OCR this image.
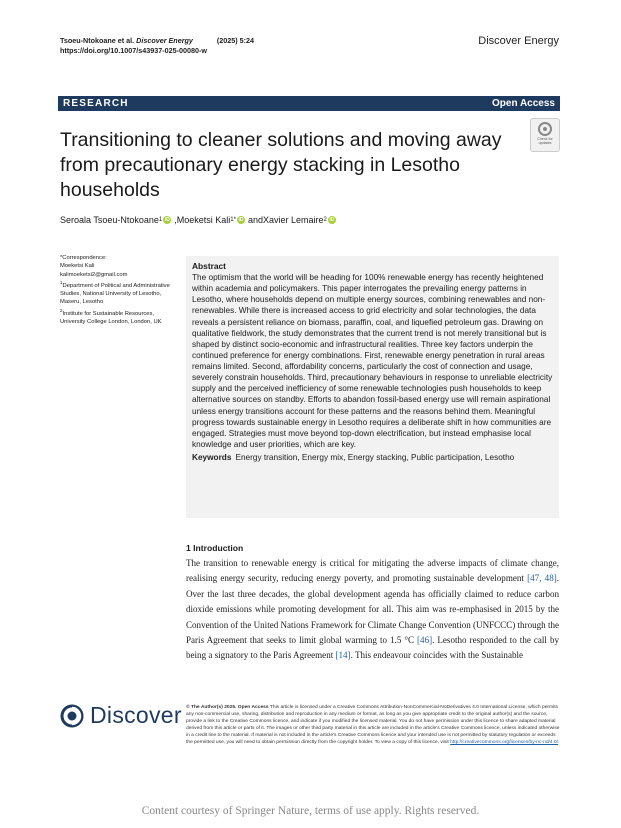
Tsoeu-Ntokoane et al. Discover Energy	(2025) 5:24
https://doi.org/10.1007/s43937-025-00080-w
Discover Energy
RESEARCH	Open Access
Transitioning to cleaner solutions and moving away from precautionary energy stacking in Lesotho households
Check for updates
Seroala Tsoeu-Ntokoane 1 iD , Moeketsi Kali 1* iD and Xavier Lemaire 2 iD
*Correspondence:
Moeketsi Kali
kalimoeketsi2@gmail.com
$^1$Department of Political and Administrative Studies, National University of Lesotho, Maseru, Lesotho
$^2$Institute for Sustainable Resources, University College London, London, UK
Abstract
The optimism that the world will be heading for 100% renewable energy has recently heightened within academia and policymakers. This paper interrogates the prevailing energy patterns in Lesotho, where households depend on multiple energy sources, combining renewables and non-renewables. While there is increased access to grid electricity and solar technologies, the data reveals a persistent reliance on biomass, paraffin, coal, and liquefied petroleum gas. Drawing on qualitative fieldwork, the study demonstrates that the current trend is not merely transitional but is shaped by distinct socio-economic and infrastructural realities. Three key factors underpin the continued preference for energy combinations. First, renewable energy penetration in rural areas remains limited. Second, affordability concerns, particularly the cost of connection and usage, severely constrain households. Third, precautionary behaviours in response to unreliable electricity supply and the perceived inefficiency of some renewable technologies push households to keep alternative sources on standby. Efforts to abandon fossil-based energy use will remain aspirational unless energy transitions account for these patterns and the reasons behind them. Meaningful progress towards sustainable energy in Lesotho requires a deliberate shift in how communities are engaged. Strategies must move beyond top-down electrification, but instead emphasise local knowledge and user priorities, which are key.
Keywords Energy transition, Energy mix, Energy stacking, Public participation, Lesotho
1 Introduction
The transition to renewable energy is critical for mitigating the adverse impacts of climate change, realising energy security, reducing energy poverty, and promoting sustainable development [47, 48]. Over the last three decades, the global development agenda has officially claimed to reduce carbon dioxide emissions while promoting development for all. This aim was re-emphasised in 2015 by the Convention of the United Nations Framework for Climate Change Convention (UNFCCC) through the Paris Agreement that seeks to limit global warming to 1.5 °C [46]. Lesotho responded to the call by being a signatory to the Paris Agreement [14]. This endeavour coincides with the Sustainable
Discover © The Author(s) 2025. Open Access This article is licensed under a Creative Commons Attribution-NonCommercial-NoDerivatives 4.0 International License, which permits any non-commercial use, sharing, distribution and reproduction in any medium or format, as long as you give appropriate credit to the original author(s) and the source, provide a link to the Creative Commons licence, and indicate if you modified the licensed material. You do not have permission under this licence to share adapted material derived from this article or parts of it. The images or other third party material in this article are included in the article's Creative Commons licence, unless indicated otherwise in a credit line to the material. If material is not included in the article's Creative Commons licence and your intended use is not permitted by statutory regulation or exceeds the permitted use, you will need to obtain permission directly from the copyright holder. To view a copy of this licence, visit http://creativecommons.org/licenses/by-nc-nd/4.0/.
Content courtesy of Springer Nature, terms of use apply. Rights reserved.
